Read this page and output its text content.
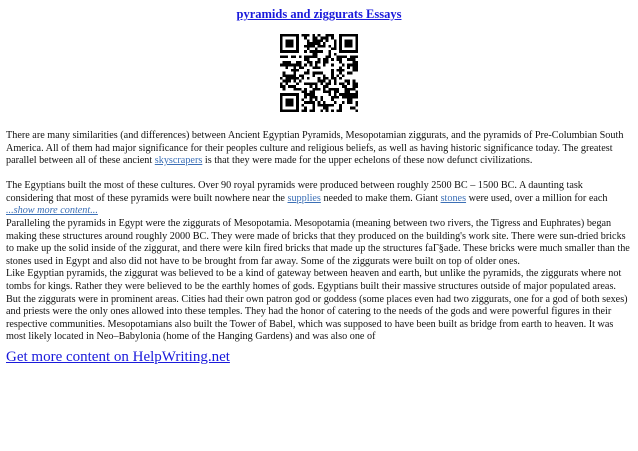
pyramids and ziggurats Essays

There are many similarities (and differences) between Ancient Egyptian Pyramids, Mesopotamian ziggurats, and the pyramids of Pre-Columbian South America. All of them had major significance for their peoples culture and religious beliefs, as well as having historic significance today. The greatest parallel between all of these ancient skyscrapers is that they were made for the upper echelons of these now defunct civilizations.

The Egyptians built the most of these cultures. Over 90 royal pyramids were produced between roughly 2500 BC – 1500 BC. A daunting task considering that most of these pyramids were built nowhere near the supplies needed to make them. Giant stones were used, over a million for each
...show more content...

Paralleling the pyramids in Egypt were the ziggurats of Mesopotamia. Mesopotamia (meaning between two rivers, the Tigress and Euphrates) began making these structures around roughly 2000 BC. They were made of bricks that they produced on the building's work site. There were sun-dried bricks to make up the solid inside of the ziggurat, and there were kiln fired bricks that made up the structures faГ§ade. These bricks were much smaller than the stones used in Egypt and also did not have to be brought from far away. Some of the ziggurats were built on top of older ones.

Like Egyptian pyramids, the ziggurat was believed to be a kind of gateway between heaven and earth, but unlike the pyramids, the ziggurats where not tombs for kings. Rather they were believed to be the earthly homes of gods. Egyptians built their massive structures outside of major populated areas. But the ziggurats were in prominent areas. Cities had their own patron god or goddess (some places even had two ziggurats, one for a god of both sexes) and priests were the only ones allowed into these temples. They had the honor of catering to the needs of the gods and were powerful figures in their respective communities. Mesopotamians also built the Tower of Babel, which was supposed to have been built as bridge from earth to heaven. It was most likely located in Neo–Babylonia (home of the Hanging Gardens) and was also one of

Get more content on HelpWriting.net
